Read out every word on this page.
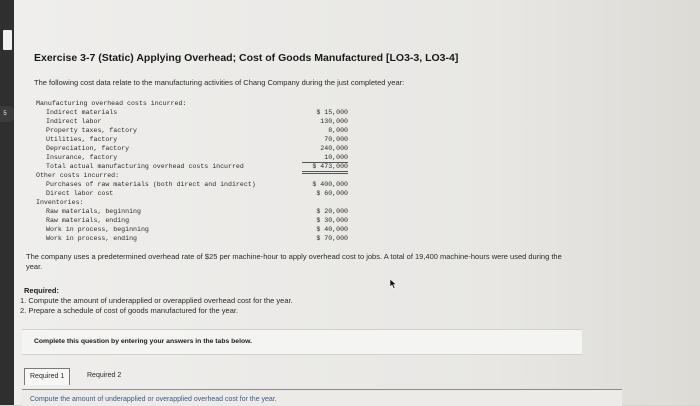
5
Exercise 3-7 (Static) Applying Overhead; Cost of Goods Manufactured [LO3-3, LO3-4]
The following cost data relate to the manufacturing activities of Chang Company during the just completed year:
Manufacturing overhead costs incurred:
Indirect materials
Indirect labor
Property taxes, factory
Utilities, factory
Depreciation, factory
Insurance, factory
Total actual manufacturing overhead costs incurred
Other costs incurred:
Purchases of raw materials (both direct and indirect)
Direct labor cost
Inventories:
Raw materials, beginning
Raw materials, ending
Work in process, beginning
Work in process, ending
$ 15,000
130,000
8,000
70,000
240,000
10,000
$ 473,000
$ 400,000
$ 60,000
$ 20,000
$ 30,000
$ 40,000
$ 70,000
The company uses a predetermined overhead rate of $25 per machine-hour to apply overhead cost to jobs. A total of 19,400 machine-hours were used during the year.
Required:
1. Compute the amount of underapplied or overapplied overhead cost for the year.
2. Prepare a schedule of cost of goods manufactured for the year.
Complete this question by entering your answers in the tabs below.
Required 1	Required 2
Compute the amount of underapplied or overapplied overhead cost for the year.
